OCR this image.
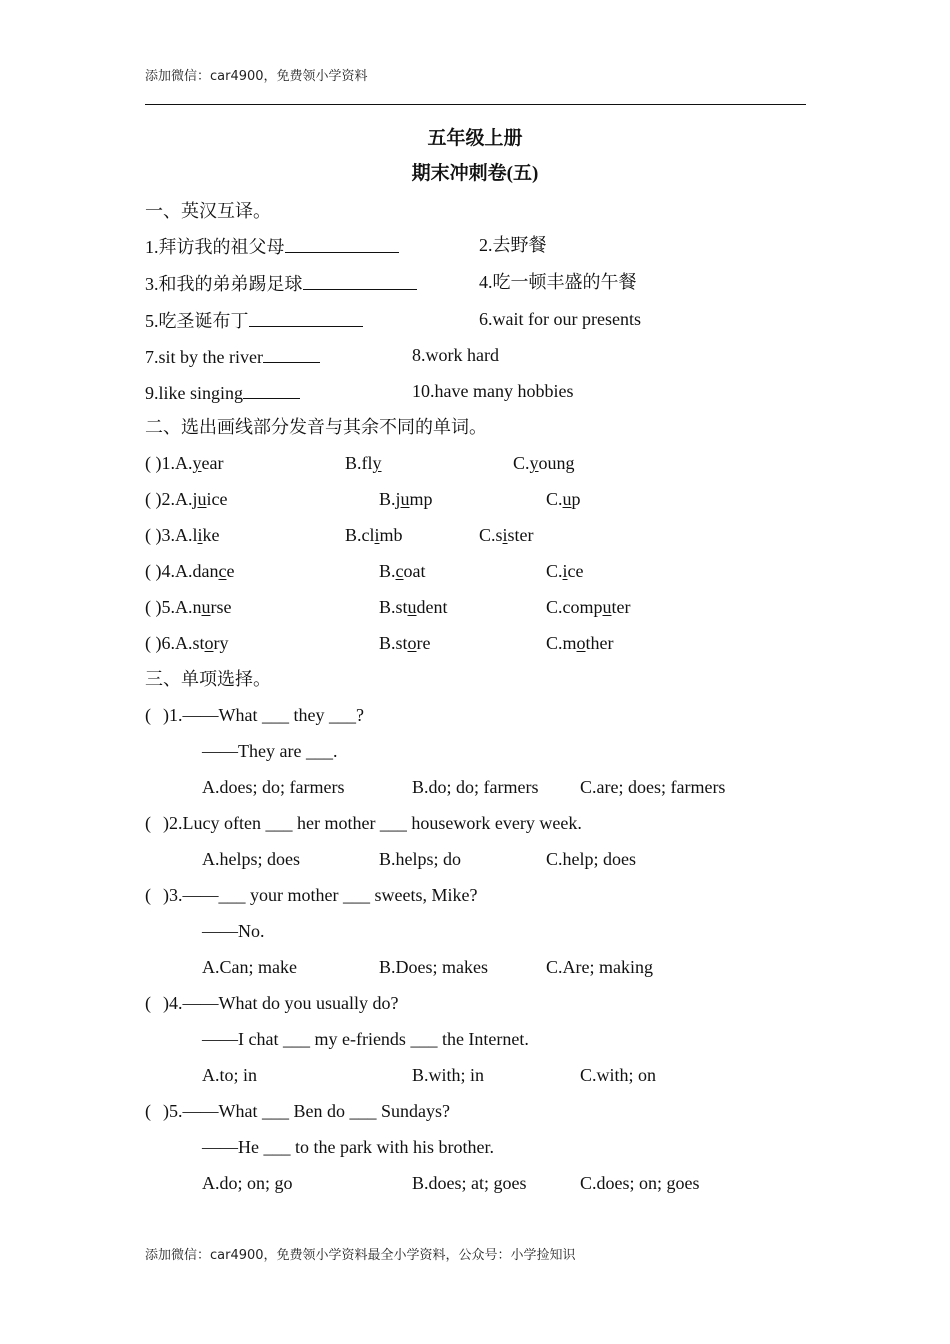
添加微信：car4900，免费领小学资料
五年级上册
期末冲刺卷(五)
一、英汉互译。
1.拜访我的祖父母	2.去野餐
3.和我的弟弟踢足球	4.吃一顿丰盛的午餐
5.吃圣诞布丁	6.wait for our presents
7.sit by the river	8.work hard
9.like singing	10.have many hobbies
二、选出画线部分发音与其余不同的单词。
( )1.A.year	B.fly	C.young
( )2.A.juice	B.jump	C.up
( )3.A.like	B.climb	C.sister
( )4.A.dance	B.coat	C.ice
( )5.A.nurse	B.student	C.computer
( )6.A.story	B.store	C.mother
三、单项选择。
( )1.——What ___ they ___?
——They are ___.
A.does; do; farmers	B.do; do; farmers C.are; does; farmers
( )2.Lucy often ___ her mother ___ housework every week.
A.helps; does	B.helps; do	C.help; does
( )3.——___ your mother ___ sweets, Mike?
——No.
A.Can; make	B.Does; makes	C.Are; making
( )4.——What do you usually do?
——I chat ___ my e-friends ___ the Internet.
A.to; in	B.with; in	C.with; on
( )5.——What ___ Ben do ___ Sundays?
——He ___ to the park with his brother.
A.do; on; go	B.does; at; goes	C.does; on; goes
添加微信：car4900，免费领小学资料最全小学资料，公众号：小学捡知识
